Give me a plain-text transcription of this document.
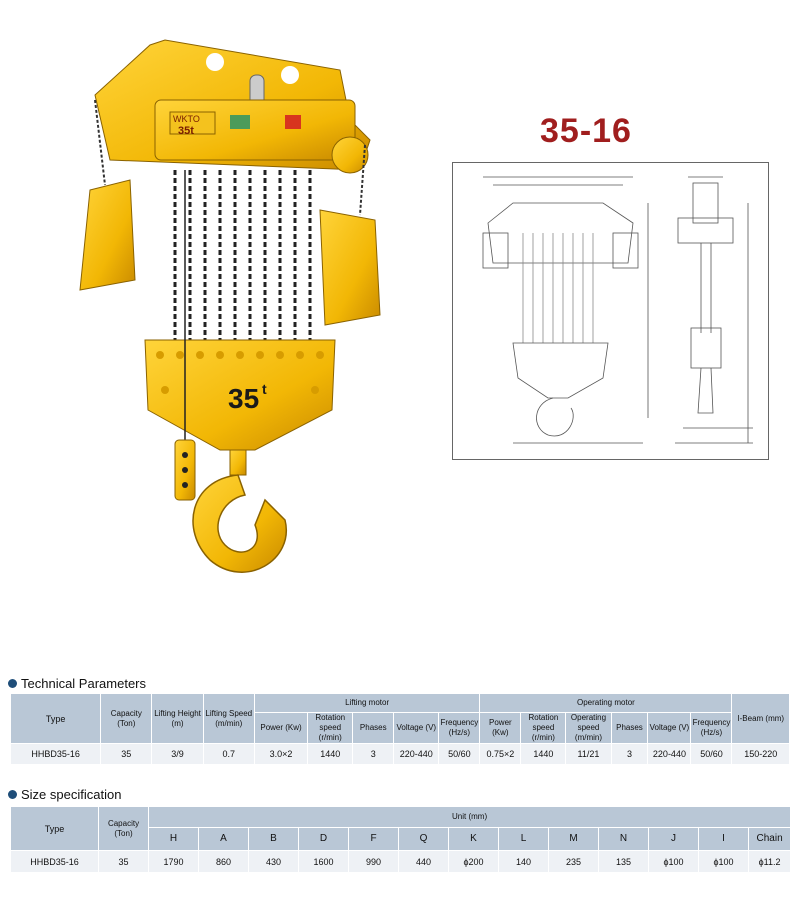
WKTO
35t
35 t
35-16
Technical Parameters
Type	Capacity (Ton)	Lifting Height (m)	Lifting Speed (m/min)	Lifting motor					Operating motor						I-Beam (mm)
				Power (Kw)	Rotation speed (r/min)	Phases	Voltage (V)	Frequency (Hz/s)	Power (Kw)	Rotation speed (r/min)	Operating speed (m/min)	Phases	Voltage (V)	Frequency (Hz/s)	
HHBD35-16	35	3/9	0.7	3.0×2	1440	3	220-440	50/60	0.75×2	1440	11/21	3	220-440	50/60	150-220
Size specification
Type	Capacity (Ton)	Unit (mm)												
		H	A	B	D	F	Q	K	L	M	N	J	I	Chain
HHBD35-16	35	1790	860	430	1600	990	440	ϕ200	140	235	135	ϕ100	ϕ100	ϕ11.2
